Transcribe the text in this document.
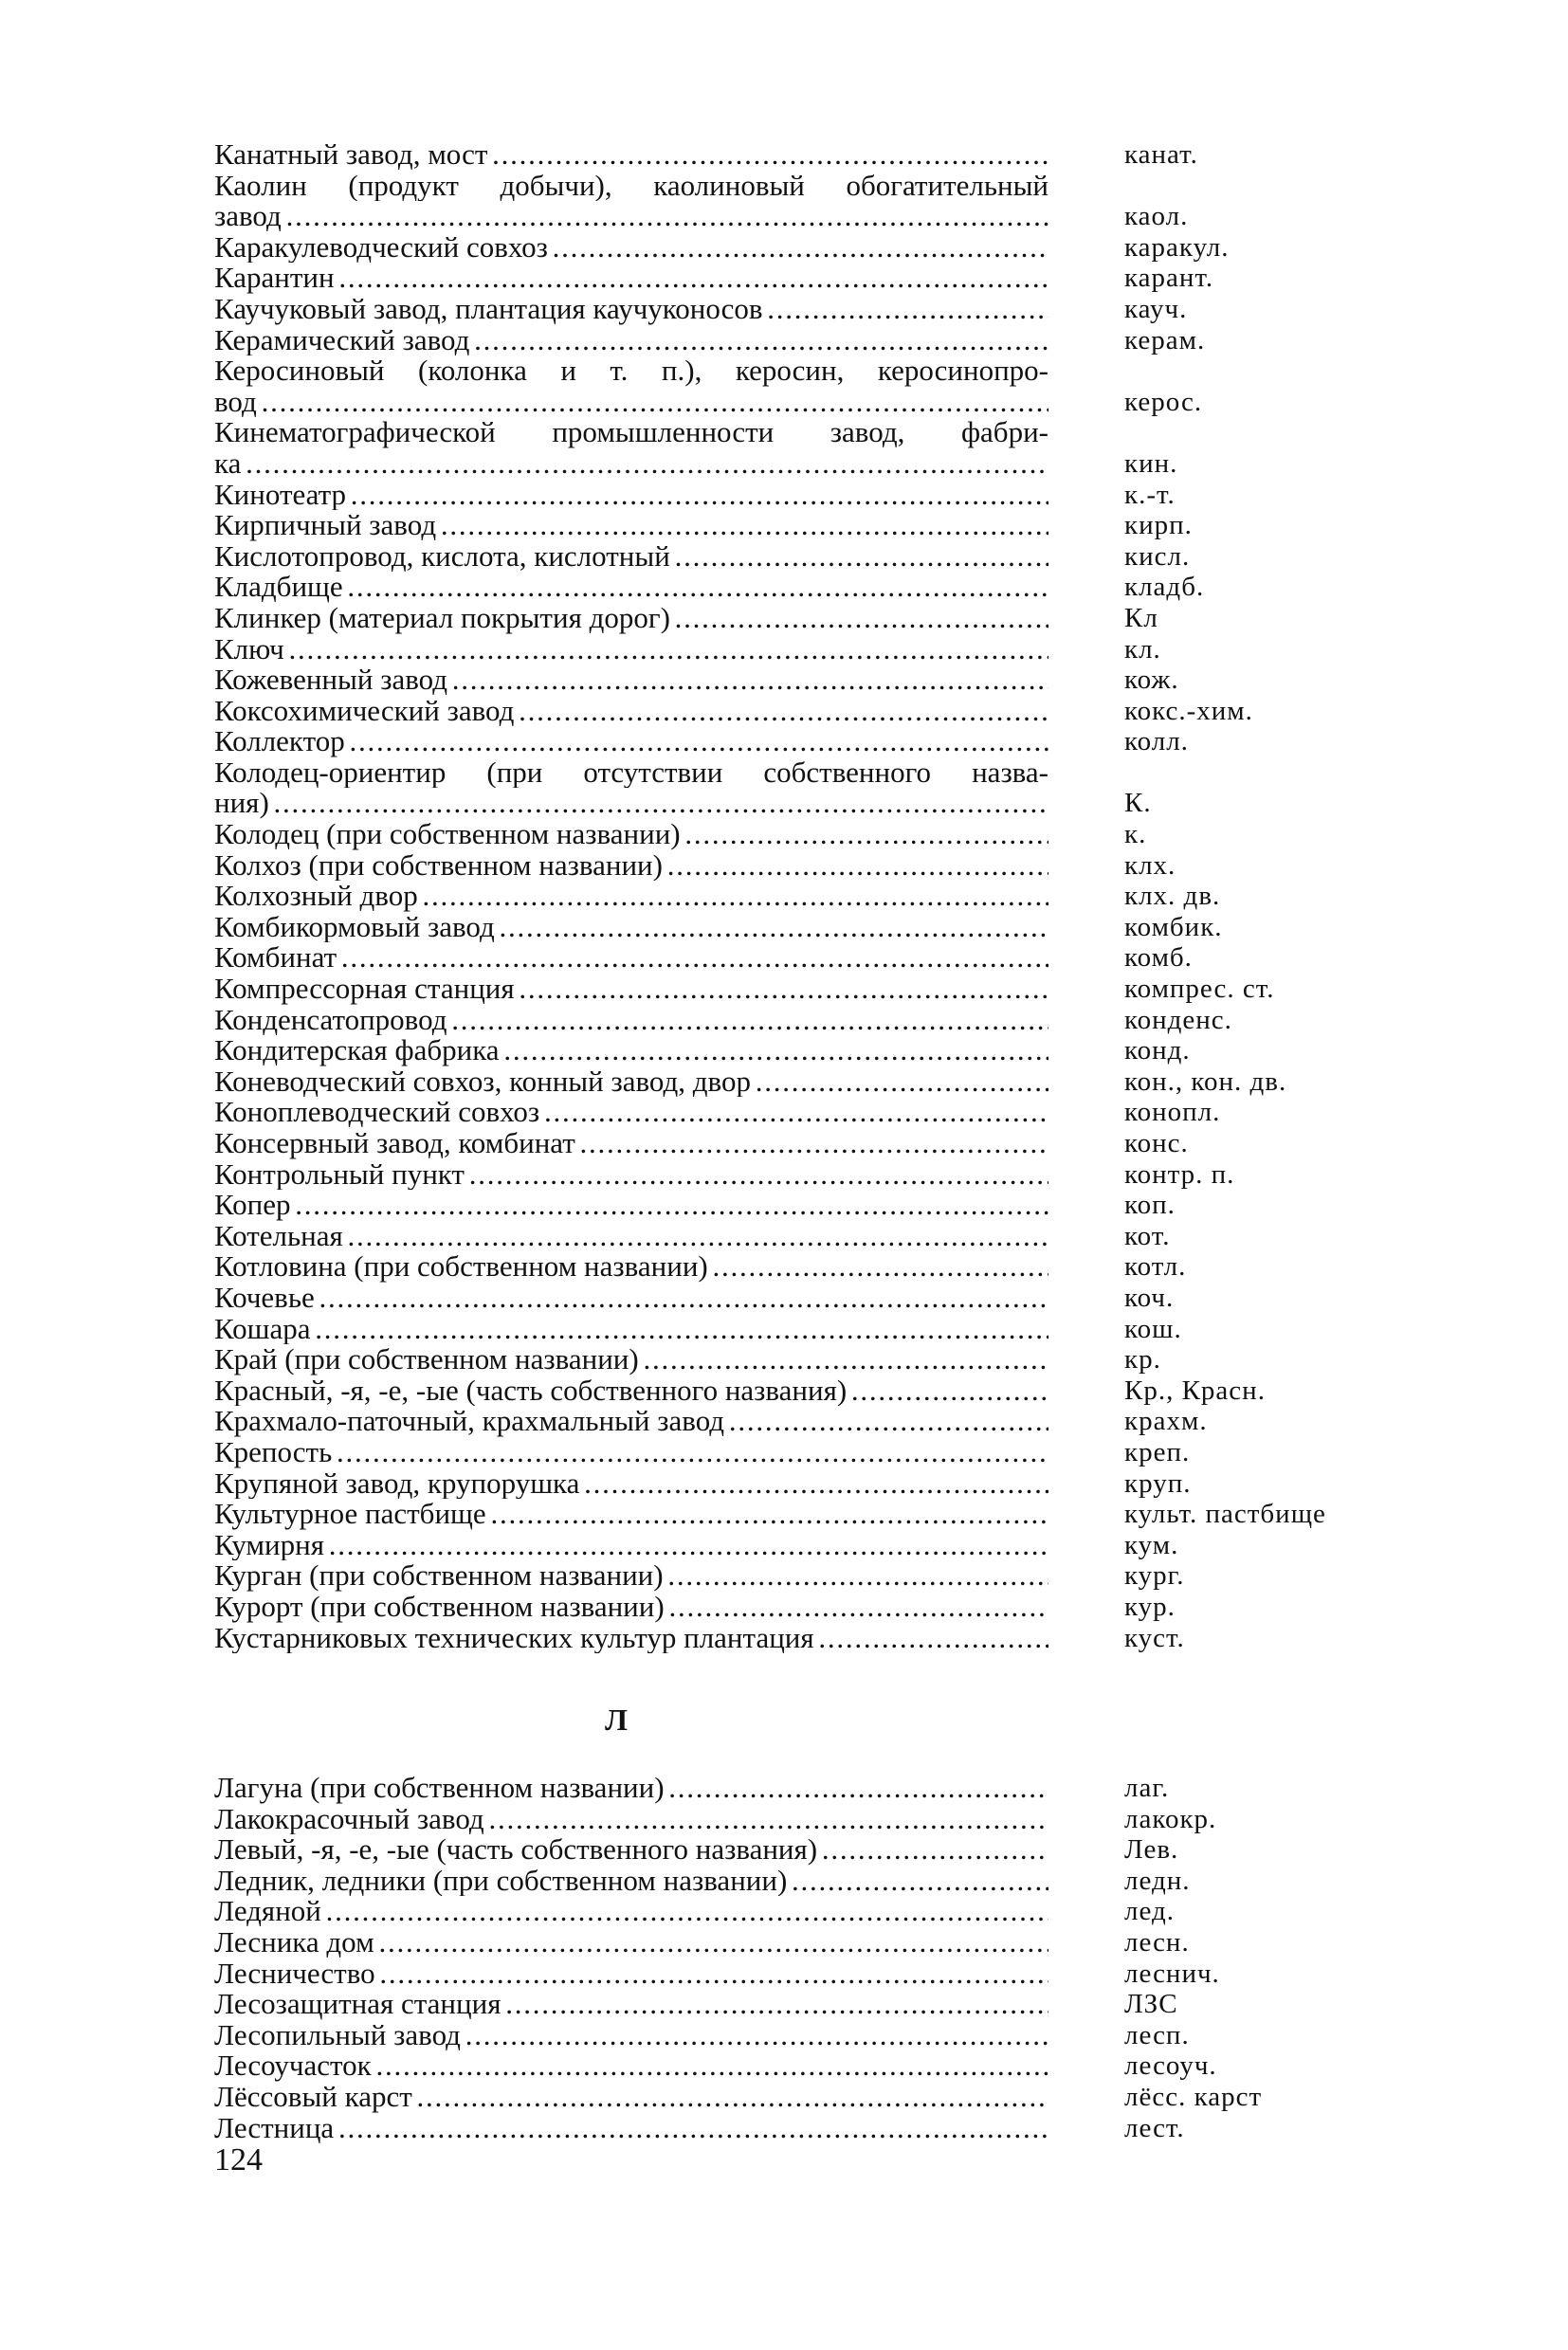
Канатный завод, мост . . .	канат.
Каолин (продукт добычи), каолиновый обогатительный
завод . . .	каол.
Каракулеводческий совхоз . . .	каракул.
Карантин . . .	карант.
Каучуковый завод, плантация каучуконосов . . .	кауч.
Керамический завод . . .	керам.
Керосиновый (колонка и т. п.), керосин, керосинопро-
вод . . .	керос.
Кинематографической промышленности завод, фабри-
ка . . .	кин.
Кинотеатр . . .	к.-т.
Кирпичный завод . . .	кирп.
Кислотопровод, кислота, кислотный . . .	кисл.
Кладбище . . .	кладб.
Клинкер (материал покрытия дорог) . . .	Кл
Ключ . . .	кл.
Кожевенный завод . . .	кож.
Коксохимический завод . . .	кокс.-хим.
Коллектор . . .	колл.
Колодец-ориентир (при отсутствии собственного назва-
ния) . . .	К.
Колодец (при собственном названии) . . .	к.
Колхоз (при собственном названии) . . .	клх.
Колхозный двор . . .	клх. дв.
Комбикормовый завод . . .	комбик.
Комбинат . . .	комб.
Компрессорная станция . . .	компрес. ст.
Конденсатопровод . . .	конденс.
Кондитерская фабрика . . .	конд.
Коневодческий совхоз, конный завод, двор . . .	кон., кон. дв.
Коноплеводческий совхоз . . .	конопл.
Консервный завод, комбинат . . .	конс.
Контрольный пункт . . .	контр. п.
Копер . . .	коп.
Котельная . . .	кот.
Котловина (при собственном названии) . . .	котл.
Кочевье . . .	коч.
Кошара . . .	кош.
Край (при собственном названии) . . .	кр.
Красный, -я, -е, -ые (часть собственного названия) . . .	Кр., Красн.
Крахмало-паточный, крахмальный завод . . .	крахм.
Крепость . . .	креп.
Крупяной завод, крупорушка . . .	круп.
Культурное пастбище . . .	культ. пастбище
Кумирня . . .	кум.
Курган (при собственном названии) . . .	кург.
Курорт (при собственном названии) . . .	кур.
Кустарниковых технических культур плантация . . .	куст.
Л
Лагуна (при собственном названии) . . .	лаг.
Лакокрасочный завод . . .	лакокр.
Левый, -я, -е, -ые (часть собственного названия) . . .	Лев.
Ледник, ледники (при собственном названии) . . .	ледн.
Ледяной . . .	лед.
Лесника дом . . .	лесн.
Лесничество . . .	леснич.
Лесозащитная станция . . .	ЛЗС
Лесопильный завод . . .	лесп.
Лесоучасток . . .	лесоуч.
Лёссовый карст . . .	лёсс. карст
Лестница . . .	лест.
124
